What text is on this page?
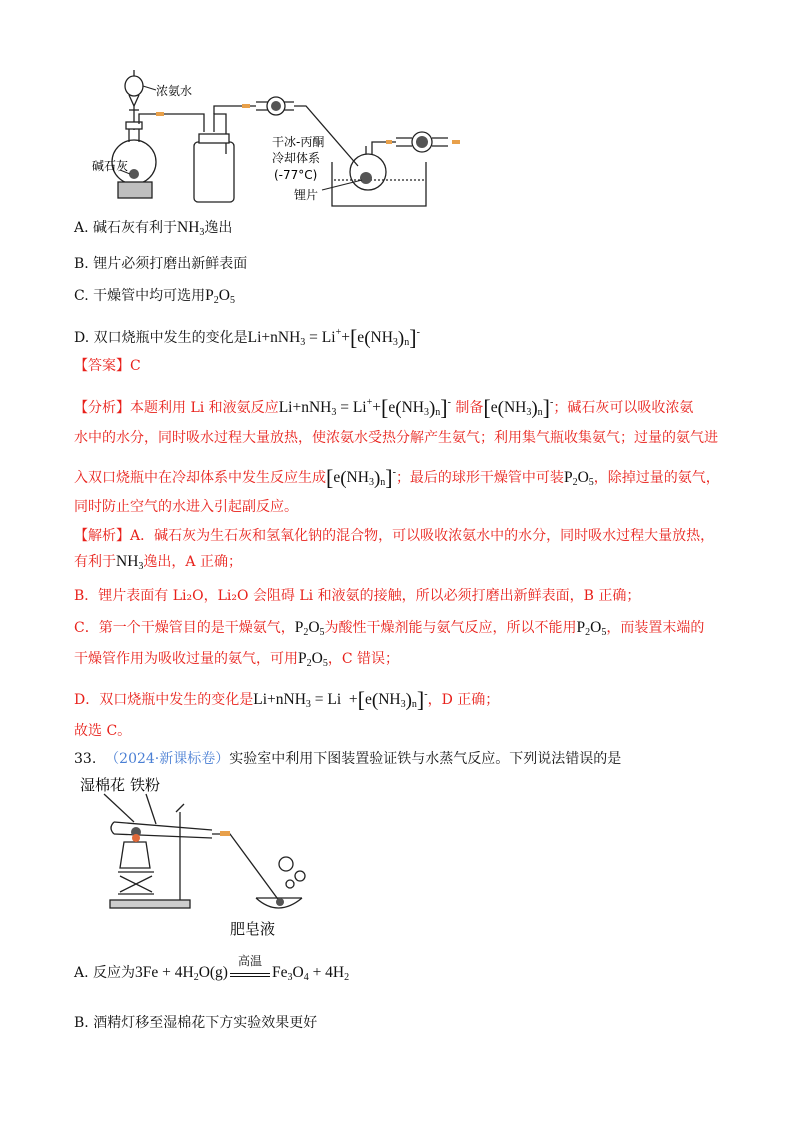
浓氨水
碱石灰
干冰-丙酮
冷却体系
(-77°C)
锂片
A. 碱石灰有利于$NH_3$逸出
B. 锂片必须打磨出新鲜表面
C. 干燥管中均可选用$P_2O_5$
D. 双口烧瓶中发生的变化是$Li+nNH_3 = Li^++[e(NH_3)_n]^-$
【答案】C
【分析】本题利用 Li 和液氨反应$Li+nNH_3 = Li^++[e(NH_3)_n]^-$ 制备$[e(NH_3)_n]^-$；碱石灰可以吸收浓氨
水中的水分，同时吸水过程大量放热，使浓氨水受热分解产生氨气；利用集气瓶收集氨气；过量的氨气进
入双口烧瓶中在冷却体系中发生反应生成$[e(NH_3)_n]^-$；最后的球形干燥管中可装$P_2O_5$，除掉过量的氨气，
同时防止空气的水进入引起副反应。
【解析】A．碱石灰为生石灰和氢氧化钠的混合物，可以吸收浓氨水中的水分，同时吸水过程大量放热，
有利于$NH_3$逸出，A 正确；
B．锂片表面有 Li₂O，Li₂O 会阻碍 Li 和液氨的接触，所以必须打磨出新鲜表面，B 正确；
C．第一个干燥管目的是干燥氨气，$P_2O_5$为酸性干燥剂能与氨气反应，所以不能用$P_2O_5$，而装置末端的
干燥管作用为吸收过量的氨气，可用$P_2O_5$，C 错误；
D．双口烧瓶中发生的变化是$Li+nNH_3 = Li +[e(NH_3)_n]^-$，D 正确；
故选 C。
33. （2024·新课标卷）实验室中利用下图装置验证铁与水蒸气反应。下列说法错误的是
湿棉花 铁粉
肥皂液
A. 反应为$3Fe + 4H_2O(g)$
高温
$Fe_3O_4 + 4H_2$
B. 酒精灯移至湿棉花下方实验效果更好
